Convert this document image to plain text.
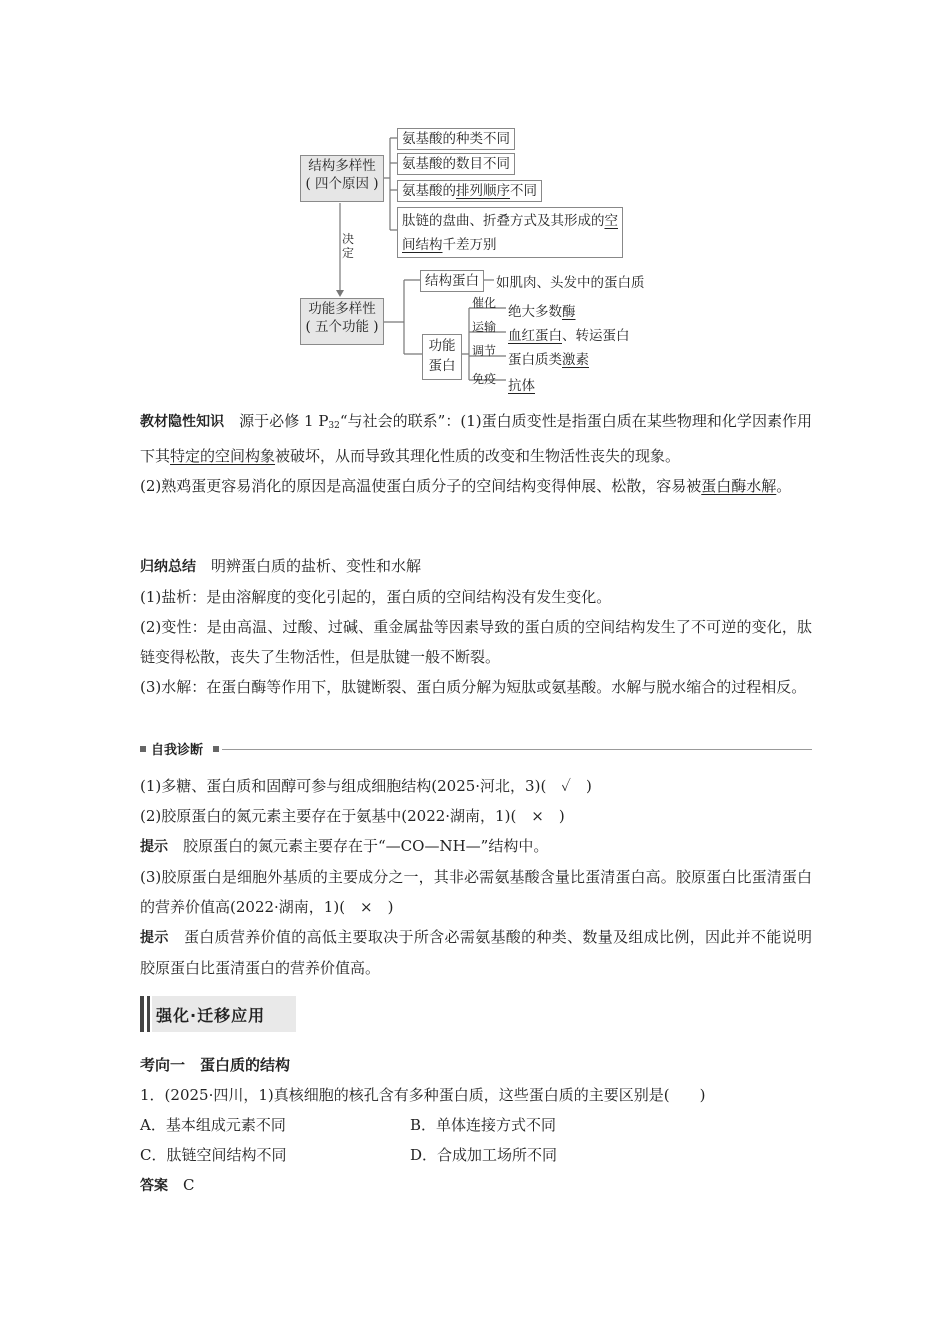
结构多样性
( 四个原因 )
氨基酸的种类不同
氨基酸的数目不同
氨基酸的排列顺序不同
肽链的盘曲、折叠方式及其形成的空
间结构千差万别
决定
功能多样性
( 五个功能 )
结构蛋白	如肌肉、头发中的蛋白质
功能
蛋白
催化
绝大多数酶
运输
血红蛋白、转运蛋白
调节
蛋白质类激素
免疫 抗体

教材隐性知识　 源于必修 1 $P_{32}“$与社会的联系”：(1)蛋白质变性是指蛋白质在某些物理和化学因素作用下其特定的空间构象被破坏，从而导致其理化性质的改变和生物活性丧失的现象。

(2)熟鸡蛋更容易消化的原因是高温使蛋白质分子的空间结构变得伸展、松散，容易被蛋白酶水解。

归纳总结　 明辨蛋白质的盐析、变性和水解

(1)盐析：是由溶解度的变化引起的，蛋白质的空间结构没有发生变化。

(2)变性：是由高温、过酸、过碱、重金属盐等因素导致的蛋白质的空间结构发生了不可逆的变化，肽链变得松散，丧失了生物活性，但是肽键一般不断裂。

(3)水解：在蛋白酶等作用下，肽键断裂、蛋白质分解为短肽或氨基酸。水解与脱水缩合的过程相反。

自我诊断

(1)多糖、蛋白质和固醇可参与组成细胞结构(2025·河北，3)(　✓　)

(2)胶原蛋白的氮元素主要存在于氨基中(2022·湖南，1)(　×　)

提示　 胶原蛋白的氮元素主要存在于“—CO—NH—”结构中。

(3)胶原蛋白是细胞外基质的主要成分之一，其非必需氨基酸含量比蛋清蛋白高。胶原蛋白比蛋清蛋白的营养价值高(2022·湖南，1)(　×　)

提示　 蛋白质营养价值的高低主要取决于所含必需氨基酸的种类、数量及组成比例，因此并不能说明胶原蛋白比蛋清蛋白的营养价值高。

强化·迁移应用

考向一　蛋白质的结构

1．(2025·四川，1)真核细胞的核孔含有多种蛋白质，这些蛋白质的主要区别是(　　)

A．基本组成元素不同	B．单体连接方式不同

C．肽链空间结构不同	D．合成加工场所不同

答案　 C
